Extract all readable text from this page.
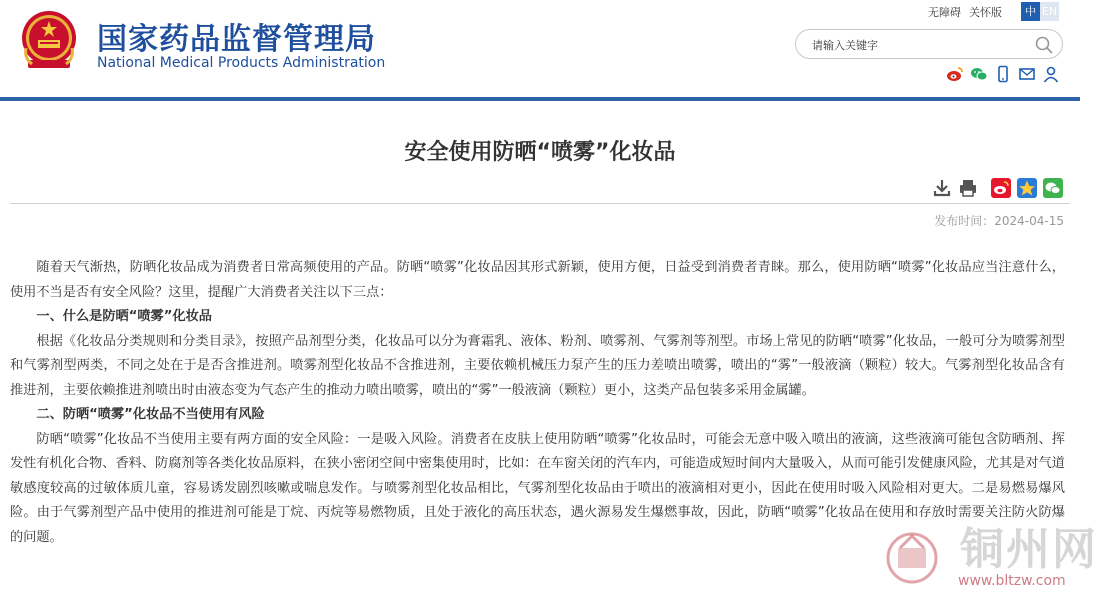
国家药品监督管理局
National Medical Products Administration
无障碍 关怀版	中 EN
请输入关键字
安全使用防晒“喷雾”化妆品
发布时间：2024-04-15

随着天气渐热，防晒化妆品成为消费者日常高频使用的产品。防晒“喷雾”化妆品因其形式新颖，使用方便，日益受到消费者青睐。那么，使用防晒“喷雾”化妆品应当注意什么，使用不当是否有安全风险？这里，提醒广大消费者关注以下三点：

一、什么是防晒“喷雾”化妆品

根据《化妆品分类规则和分类目录》，按照产品剂型分类，化妆品可以分为膏霜乳、液体、粉剂、喷雾剂、气雾剂等剂型。市场上常见的防晒“喷雾”化妆品，一般可分为喷雾剂型和气雾剂型两类，不同之处在于是否含推进剂。喷雾剂型化妆品不含推进剂，主要依赖机械压力泵产生的压力差喷出喷雾，喷出的“雾”一般液滴（颗粒）较大。气雾剂型化妆品含有推进剂，主要依赖推进剂喷出时由液态变为气态产生的推动力喷出喷雾，喷出的“雾”一般液滴（颗粒）更小，这类产品包装多采用金属罐。

二、防晒“喷雾”化妆品不当使用有风险

防晒“喷雾”化妆品不当使用主要有两方面的安全风险：一是吸入风险。消费者在皮肤上使用防晒“喷雾”化妆品时，可能会无意中吸入喷出的液滴，这些液滴可能包含防晒剂、挥发性有机化合物、香料、防腐剂等各类化妆品原料，在狭小密闭空间中密集使用时，比如：在车窗关闭的汽车内，可能造成短时间内大量吸入，从而可能引发健康风险，尤其是对气道敏感度较高的过敏体质儿童，容易诱发剧烈咳嗽或喘息发作。与喷雾剂型化妆品相比，气雾剂型化妆品由于喷出的液滴相对更小，因此在使用时吸入风险相对更大。二是易燃易爆风险。由于气雾剂型产品中使用的推进剂可能是丁烷、丙烷等易燃物质，且处于液化的高压状态，遇火源易发生爆燃事故，因此，防晒“喷雾”化妆品在使用和存放时需要关注防火防爆的问题。	铜州网
www.bltzw.com
